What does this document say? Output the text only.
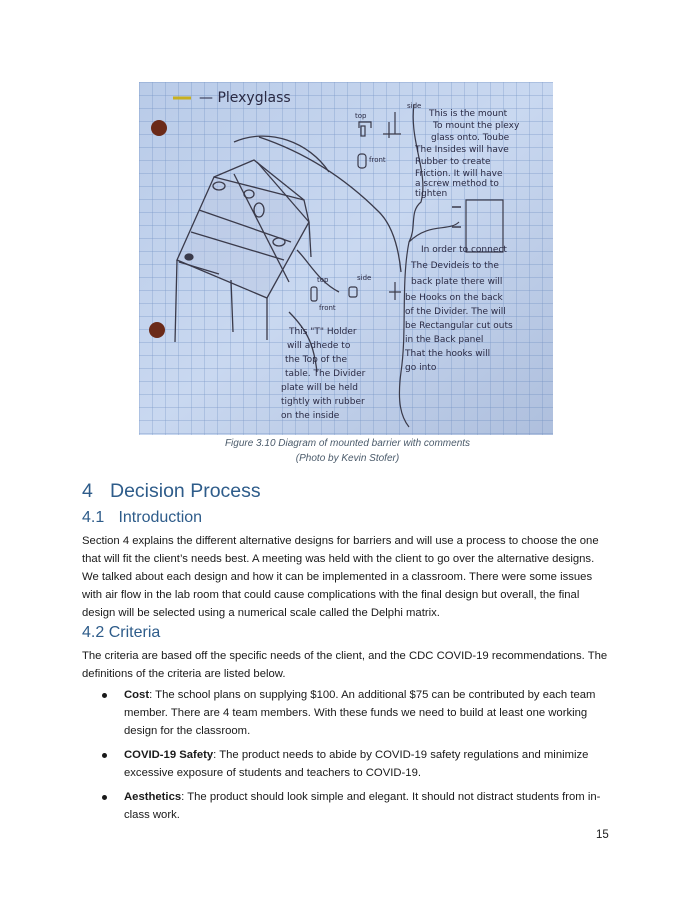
— Plexyglass
top
side
front
top	side
front
This is the mount
To mount the plexy
glass onto. Toube
The Insides will have
Rubber to create
Friction. It will have
a screw method to
tighten
In order to connect
The Devideis to the
back plate there will
be Hooks on the back
of the Divider. The will
be Rectangular cut outs
in the Back panel
That the hooks will
go into
This "T" Holder
will adhede to
the Top of the
table. The Divider
plate will be held
tightly with rubber
on the inside
Figure 3.10 Diagram of mounted barrier with comments
(Photo by Kevin Stofer)
4 Decision Process
4.1 Introduction
Section 4 explains the different alternative designs for barriers and will use a process to choose the one
that will fit the client’s needs best. A meeting was held with the client to go over the alternative designs.
We talked about each design and how it can be implemented in a classroom. There were some issues
with air flow in the lab room that could cause complications with the final design but overall, the final
design will be selected using a numerical scale called the Delphi matrix.
4.2 Criteria
The criteria are based off the specific needs of the client, and the CDC COVID-19 recommendations. The
definitions of the criteria are listed below.
Cost: The school plans on supplying $100. An additional $75 can be contributed by each team
member. There are 4 team members. With these funds we need to build at least one working
design for the classroom.
COVID-19 Safety: The product needs to abide by COVID-19 safety regulations and minimize
excessive exposure of students and teachers to COVID-19.
Aesthetics: The product should look simple and elegant. It should not distract students from in-
class work.
15
